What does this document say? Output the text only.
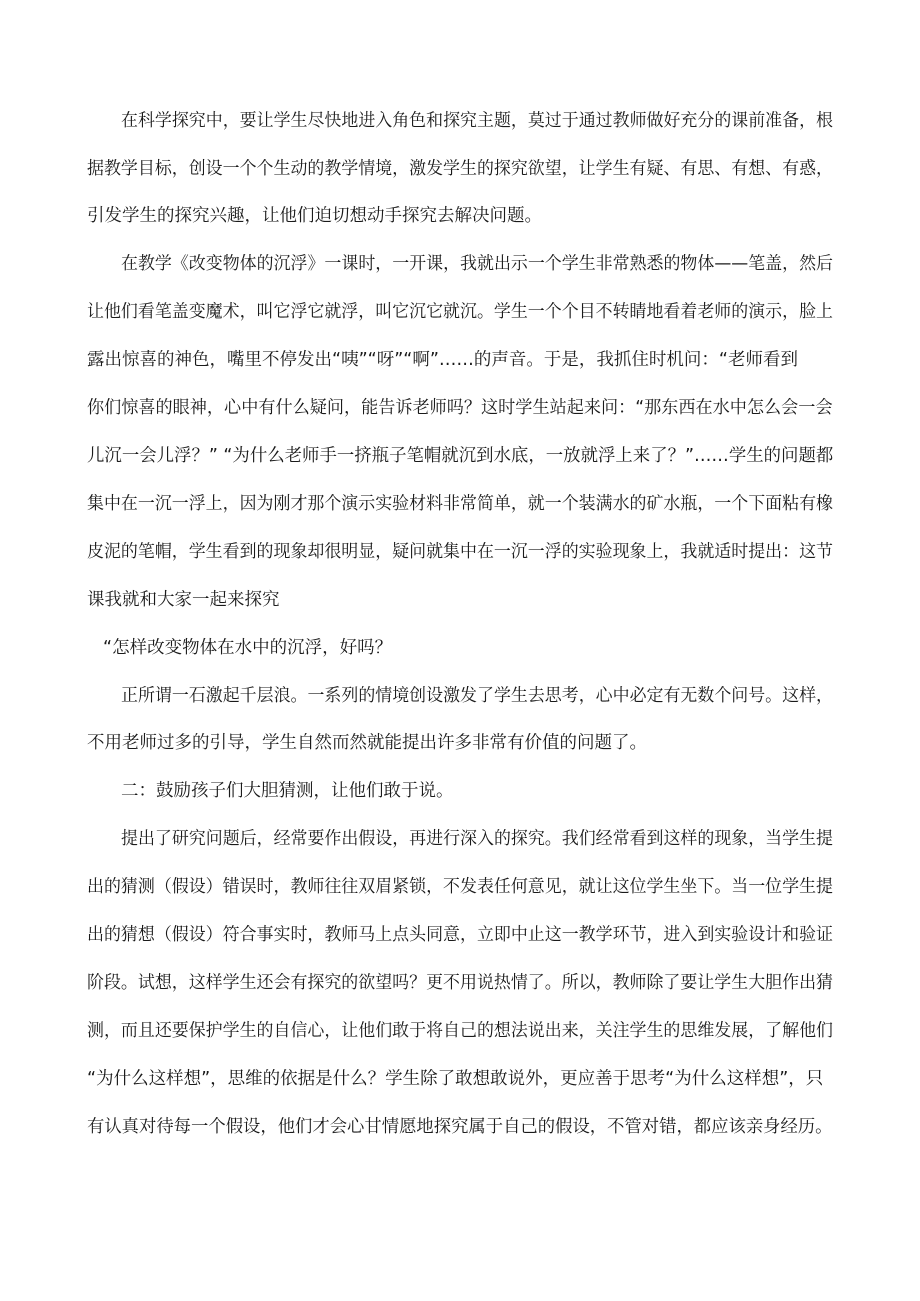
在科学探究中，要让学生尽快地进入角色和探究主题，莫过于通过教师做好充分的课前准备，根
据教学目标，创设一个个生动的教学情境，激发学生的探究欲望，让学生有疑、有思、有想、有惑，
引发学生的探究兴趣，让他们迫切想动手探究去解决问题。
在教学《改变物体的沉浮》一课时，一开课，我就出示一个学生非常熟悉的物体——笔盖，然后
让他们看笔盖变魔术，叫它浮它就浮，叫它沉它就沉。学生一个个目不转睛地看着老师的演示，脸上
露出惊喜的神色，嘴里不停发出“咦”“呀”“啊”……的声音。于是，我抓住时机问：“老师看到
你们惊喜的眼神，心中有什么疑问，能告诉老师吗？这时学生站起来问：“那东西在水中怎么会一会
儿沉一会儿浮？” “为什么老师手一挤瓶子笔帽就沉到水底，一放就浮上来了？”……学生的问题都
集中在一沉一浮上，因为刚才那个演示实验材料非常简单，就一个装满水的矿水瓶，一个下面粘有橡
皮泥的笔帽，学生看到的现象却很明显，疑问就集中在一沉一浮的实验现象上，我就适时提出：这节
课我就和大家一起来探究
“怎样改变物体在水中的沉浮，好吗？
正所谓一石激起千层浪。一系列的情境创设激发了学生去思考，心中必定有无数个问号。这样，
不用老师过多的引导，学生自然而然就能提出许多非常有价值的问题了。
二：鼓励孩子们大胆猜测，让他们敢于说。
提出了研究问题后，经常要作出假设，再进行深入的探究。我们经常看到这样的现象，当学生提
出的猜测（假设）错误时，教师往往双眉紧锁，不发表任何意见，就让这位学生坐下。当一位学生提
出的猜想（假设）符合事实时，教师马上点头同意，立即中止这一教学环节，进入到实验设计和验证
阶段。试想，这样学生还会有探究的欲望吗？更不用说热情了。所以，教师除了要让学生大胆作出猜
测，而且还要保护学生的自信心，让他们敢于将自己的想法说出来，关注学生的思维发展，了解他们
“为什么这样想”，思维的依据是什么？学生除了敢想敢说外，更应善于思考“为什么这样想”，只
有认真对待每一个假设，他们才会心甘情愿地探究属于自己的假设，不管对错，都应该亲身经历。
